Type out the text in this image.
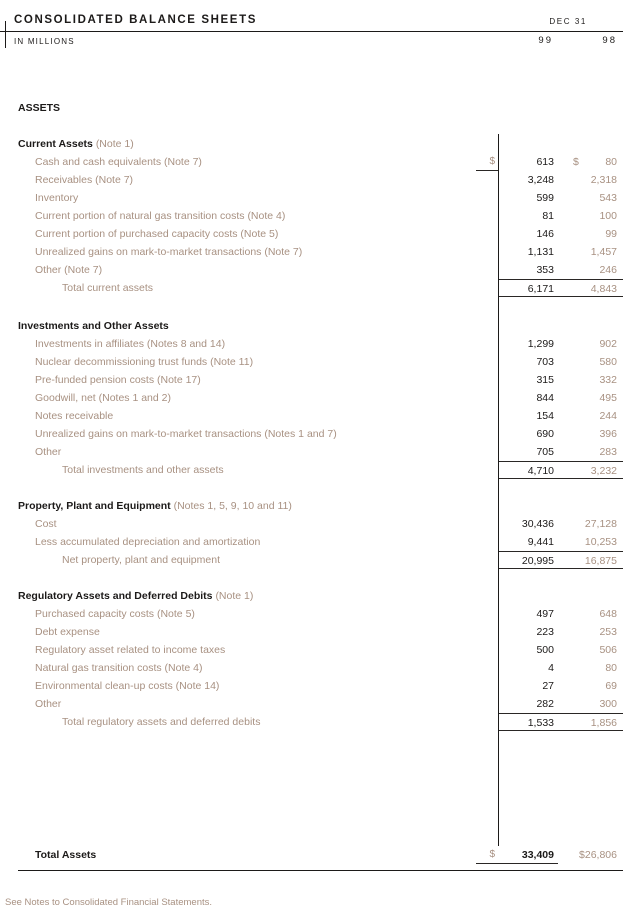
CONSOLIDATED BALANCE SHEETS	DEC 31
IN MILLIONS	99	98
ASSETS
Current Assets (Note 1)
Cash and cash equivalents (Note 7)	$	613	$	80
Receivables (Note 7)	3,248	2,318
Inventory	599	543
Current portion of natural gas transition costs (Note 4)	81	100
Current portion of purchased capacity costs (Note 5)	146	99
Unrealized gains on mark-to-market transactions (Note 7)	1,131	1,457
Other (Note 7)	353	246
Total current assets	6,171	4,843
Investments and Other Assets
Investments in affiliates (Notes 8 and 14)	1,299	902
Nuclear decommissioning trust funds (Note 11)	703	580
Pre-funded pension costs (Note 17)	315	332
Goodwill, net (Notes 1 and 2)	844	495
Notes receivable	154	244
Unrealized gains on mark-to-market transactions (Notes 1 and 7)	690	396
Other	705	283
Total investments and other assets	4,710	3,232
Property, Plant and Equipment (Notes 1, 5, 9, 10 and 11)
Cost	30,436	27,128
Less accumulated depreciation and amortization	9,441	10,253
Net property, plant and equipment	20,995	16,875
Regulatory Assets and Deferred Debits (Note 1)
Purchased capacity costs (Note 5)	497	648
Debt expense	223	253
Regulatory asset related to income taxes	500	506
Natural gas transition costs (Note 4)	4	80
Environmental clean-up costs (Note 14)	27	69
Other	282	300
Total regulatory assets and deferred debits	1,533	1,856
Total Assets	$	33,409	$26,806
See Notes to Consolidated Financial Statements.
